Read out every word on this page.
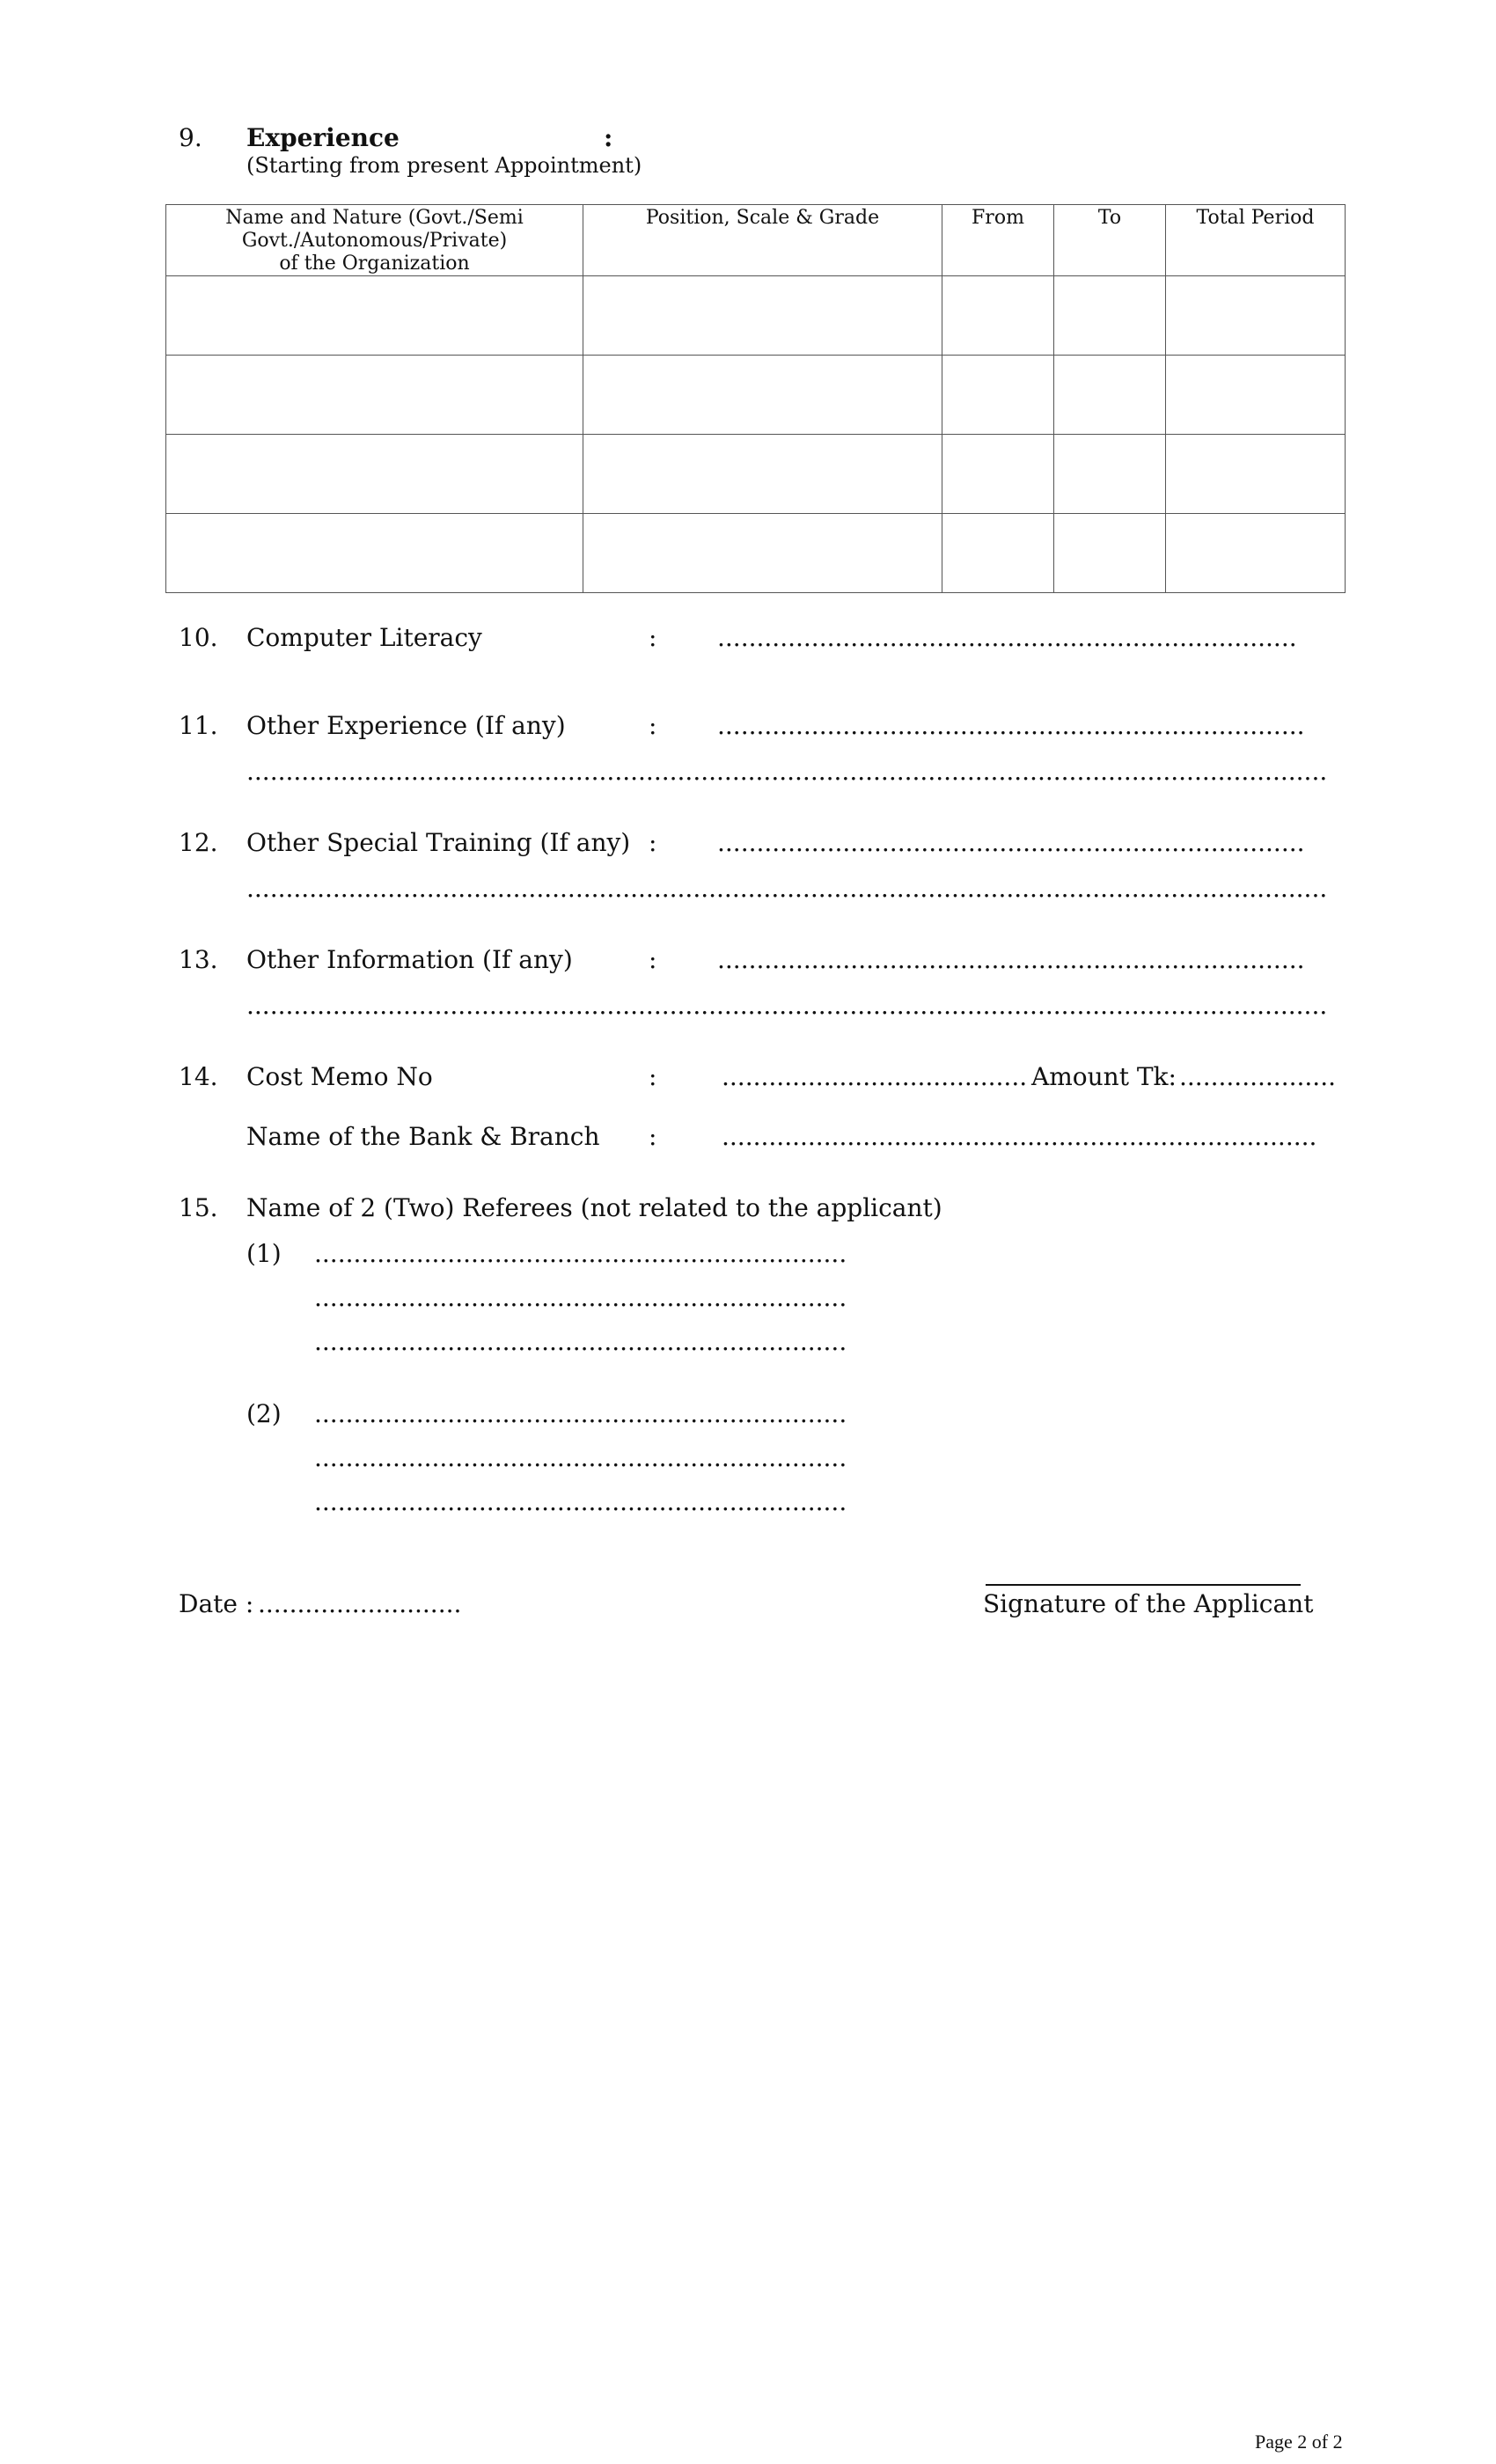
9. Experience	:
(Starting from present Appointment)
Name and Nature (Govt./Semi
Govt./Autonomous/Private)
of the Organization	Position, Scale & Grade	From	To	Total Period

10. Computer Literacy	: ..........................................................................
11. Other Experience (If any)	: ...........................................................................
..........................................................................................................................................
12. Other Special Training (If any) : ...........................................................................
..........................................................................................................................................
13. Other Information (If any)	: ...........................................................................
..........................................................................................................................................
14. Cost Memo No	:	....................................... Amount Tk: ....................
Name of the Bank & Branch :	............................................................................
15. Name of 2 (Two) Referees (not related to the applicant)
(1) ....................................................................
....................................................................
....................................................................
(2) ....................................................................
....................................................................
....................................................................
Date : ..........................	Signature of the Applicant
Page 2 of 2
